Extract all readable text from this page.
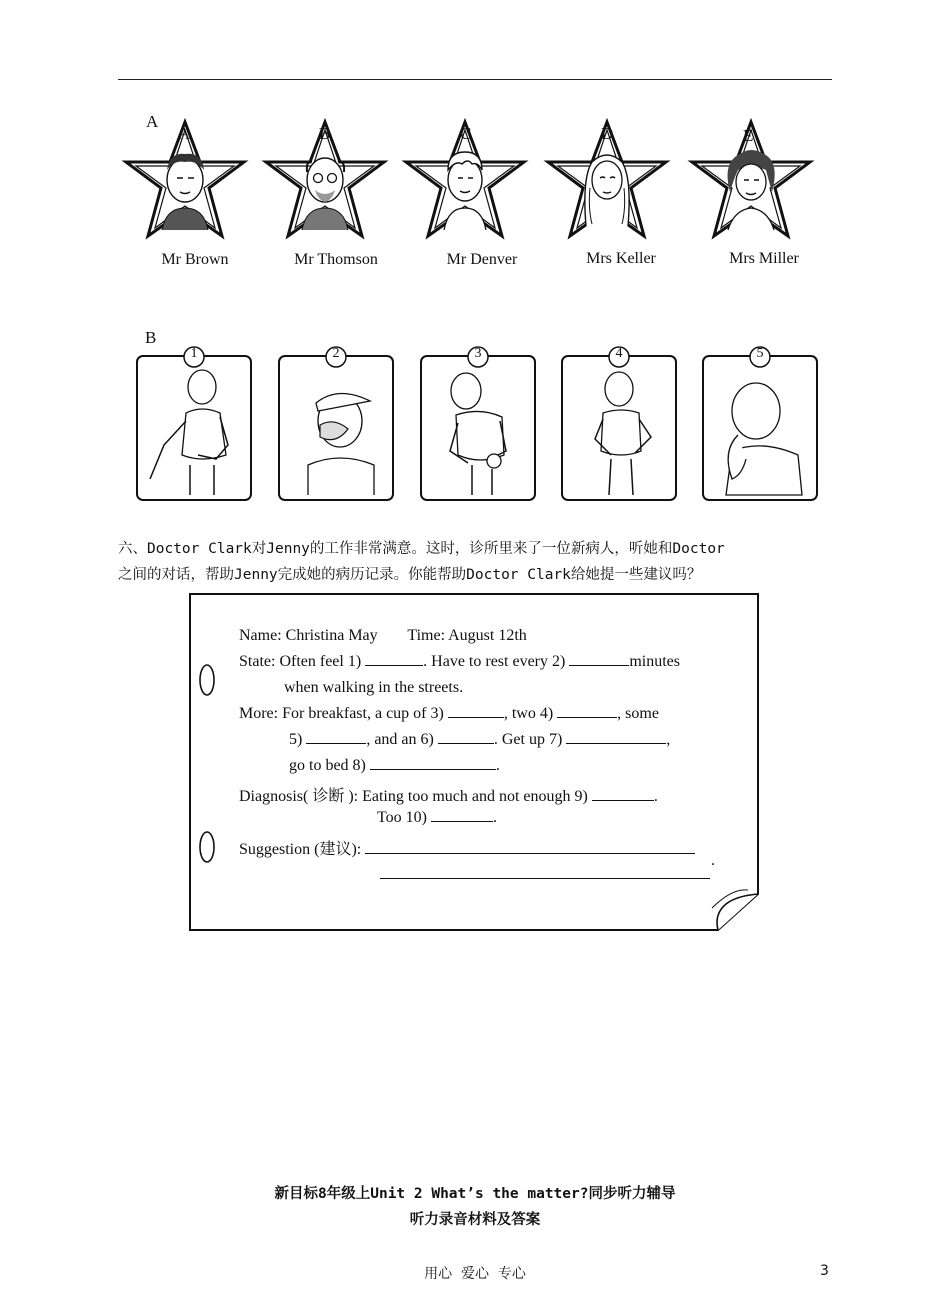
A
A	B	C	D	E
Mr Brown	Mr Thomson	Mr Denver	Mrs Keller	Mrs Miller
B
1	2	3	4	5
六、Doctor Clark对Jenny的工作非常满意。这时，诊所里来了一位新病人，听她和Doctor
之间的对话，帮助Jenny完成她的病历记录。你能帮助Doctor Clark给她提一些建议吗？
Name: Christina May Time: August 12th
State: Often feel 1)	. Have to rest every 2)	minutes
when walking in the streets.
More: For breakfast, a cup of 3)	, two 4)	, some
5)	, and an 6)	. Get up 7)	,
go to bed 8)	.
Diagnosis( 诊断 ): Eating too much and not enough 9)	.
Too 10)	.
Suggestion (建议):
.
新目标8年级上Unit 2 What’s the matter?同步听力辅导
听力录音材料及答案
用心  爱心  专心	3
